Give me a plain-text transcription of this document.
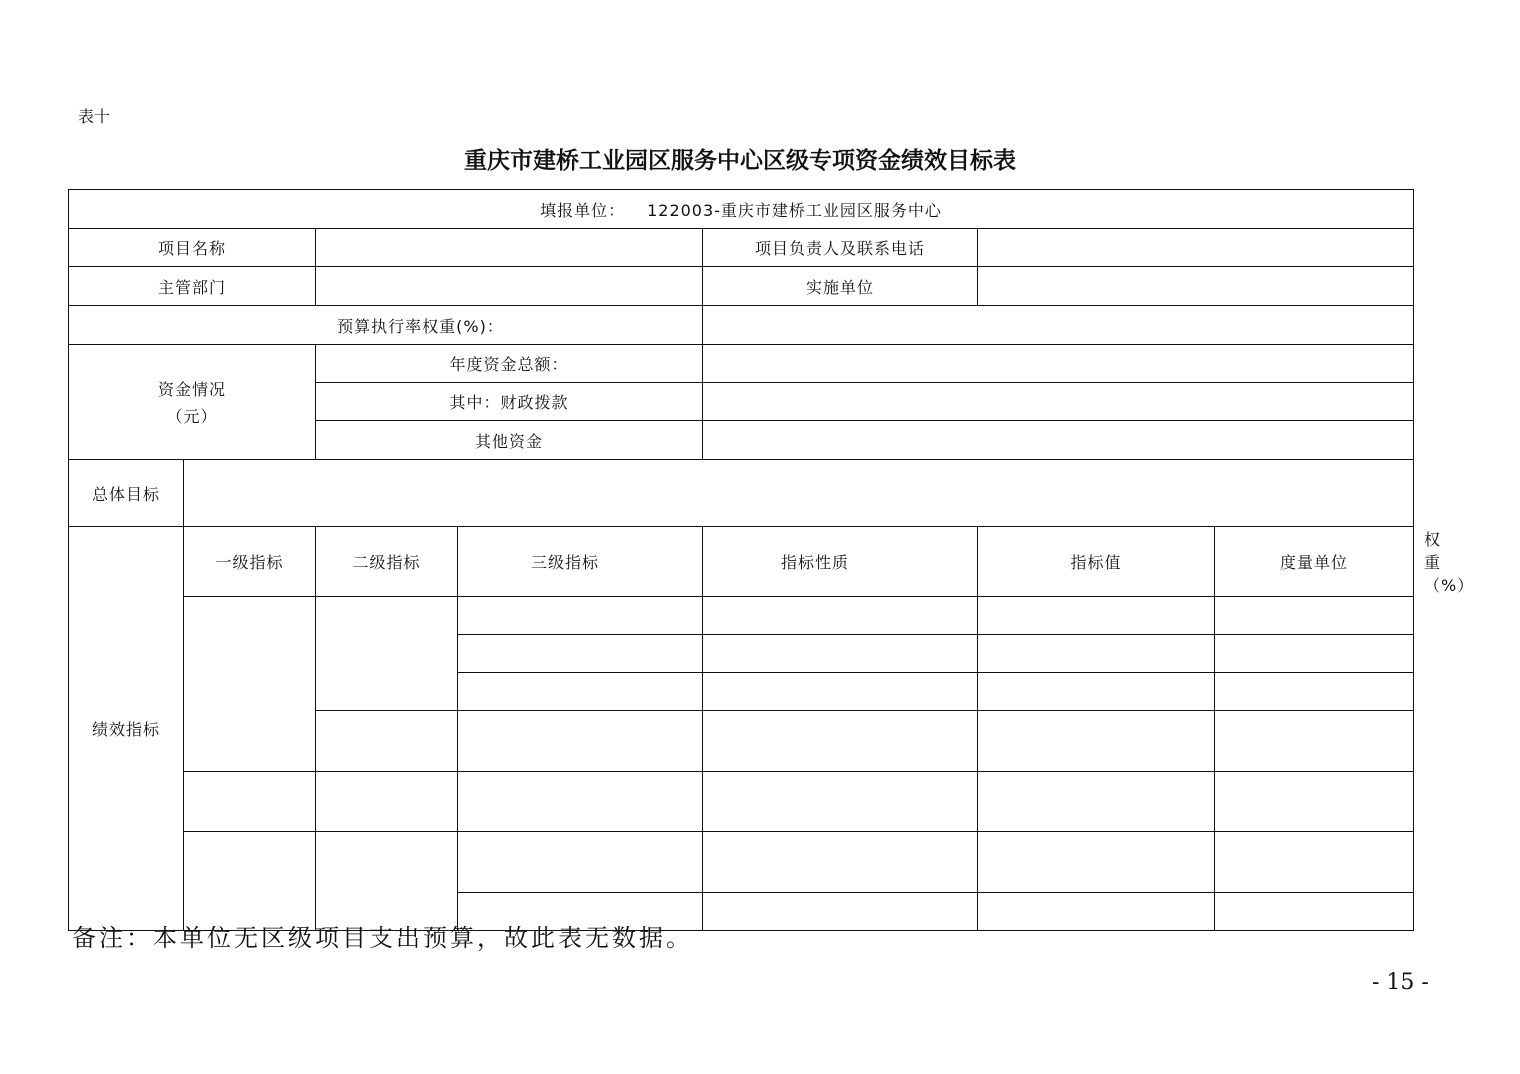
表十
重庆市建桥工业园区服务中心区级专项资金绩效目标表
填报单位： 122003-重庆市建桥工业园区服务中心							
项目名称				项目负责人及联系电话			
主管部门				实施单位			
预算执行率权重(%)：							

资金情况
（元）		年度资金总额：					
		其中：财政拨款					
		其他资金					
总体目标							
绩效指标	一级指标	二级指标	三级指标	指标性质	指标值	度量单位	权重（%）

备注：本单位无区级项目支出预算，故此表无数据。
- 15 -
